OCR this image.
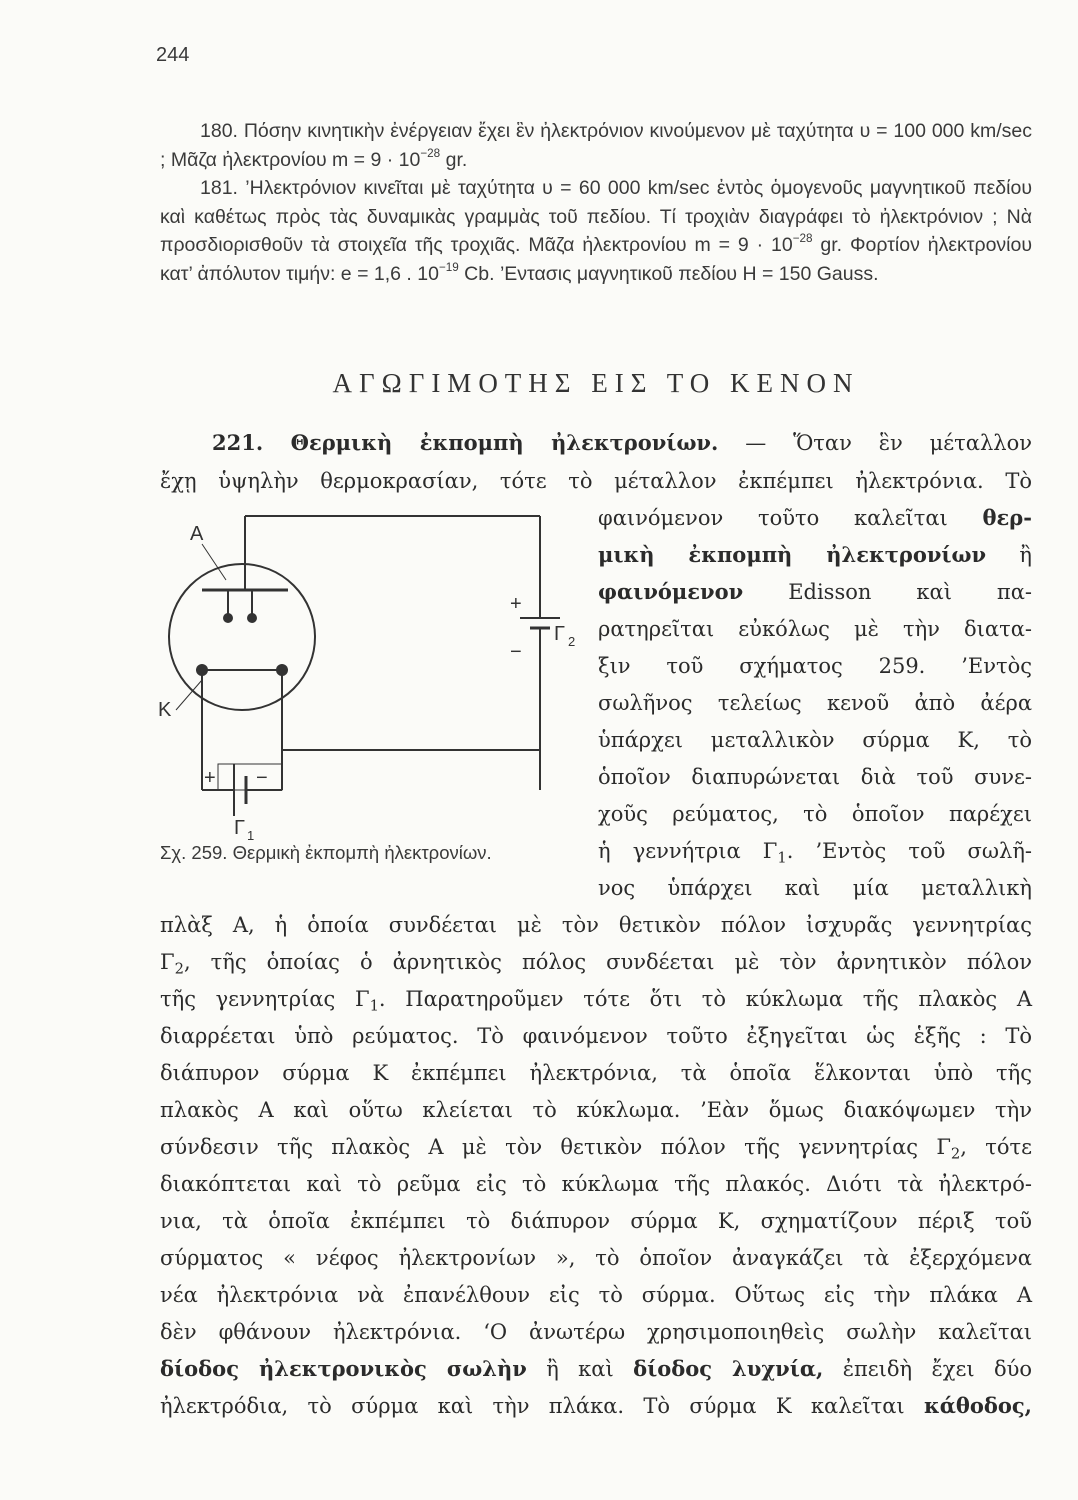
244

180. Πόσην κινητικὴν ἐνέργειαν ἔχει ἓν ἠλεκτρόνιον κινούμενον μὲ ταχύτητα υ = 100 000 km/sec ; Μᾶζα ἠλεκτρονίου $m = 9 \cdot 10^{-28}$ gr.

181. ’Ηλεκτρόνιον κινεῖται μὲ ταχύτητα υ = 60 000 km/sec ἐντὸς ὁμογενοῦς μαγνητικοῦ πεδίου καὶ καθέτως πρὸς τὰς δυναμικὰς γραμμὰς τοῦ πεδίου. Τί τροχιὰν διαγράφει τὸ ἠλεκτρόνιον ; Νὰ προσδιορισθοῦν τὰ στοιχεῖα τῆς τροχιᾶς. Μᾶζα ἠλεκτρονίου $m = 9 \cdot 10^{-28}$ gr. Φορτίον ἠλεκτρονίου κατ’ ἀπόλυτον τιμήν: e = 1,6 . $10^{-19}$ Cb. ’Εντασις μαγνητικοῦ πεδίου H = 150 Gauss.

ΑΓΩΓΙΜΟΤΗΣ ΕΙΣ ΤΟ ΚΕΝΟΝ

221. Θερμικὴ ἐκπομπὴ ἠλεκτρονίων. — Ὅταν ἓν μέταλλον

ἔχῃ ὑψηλὴν θερμοκρασίαν, τότε τὸ μέταλλον ἐκπέμπει ἠλεκτρόνια. Τὸ

φαινόμενον τοῦτο καλεῖται θερ-

μικὴ ἐκπομπὴ ἠλεκτρονίων ἢ

φαινόμενον Edisson καὶ πα-

ρατηρεῖται εὐκόλως μὲ τὴν διατα-

ξιν τοῦ σχήματος 259. ’Εντὸς

σωλῆνος τελείως κενοῦ ἀπὸ ἀέρα

ὑπάρχει μεταλλικὸν σύρμα Κ, τὸ

ὁποῖον διαπυρώνεται διὰ τοῦ συνε-

χοῦς ρεύματος, τὸ ὁποῖον παρέχει

ἡ γεννήτρια $\Gamma_1$. ’Εντὸς τοῦ σωλῆ-

νος ὑπάρχει καὶ μία μεταλλικὴ

πλὰξ Α, ἡ ὁποία συνδέεται μὲ τὸν θετικὸν πόλον ἰσχυρᾶς γεννητρίας

$\Gamma_2$, τῆς ὁποίας ὁ ἀρνητικὸς πόλος συνδέεται μὲ τὸν ἀρνητικὸν πόλον

τῆς γεννητρίας $\Gamma_1$. Παρατηροῦμεν τότε ὅτι τὸ κύκλωμα τῆς πλακὸς Α

διαρρέεται ὑπὸ ρεύματος. Τὸ φαινόμενον τοῦτο ἐξηγεῖται ὡς ἑξῆς : Τὸ

διάπυρον σύρμα Κ ἐκπέμπει ἠλεκτρόνια, τὰ ὁποῖα ἕλκονται ὑπὸ τῆς

πλακὸς Α καὶ οὕτω κλείεται τὸ κύκλωμα. ’Εὰν ὅμως διακόψωμεν τὴν

σύνδεσιν τῆς πλακὸς Α μὲ τὸν θετικὸν πόλον τῆς γεννητρίας $\Gamma_2$, τότε

διακόπτεται καὶ τὸ ρεῦμα εἰς τὸ κύκλωμα τῆς πλακός. Διότι τὰ ἠλεκτρό-

νια, τὰ ὁποῖα ἐκπέμπει τὸ διάπυρον σύρμα Κ, σχηματίζουν πέριξ τοῦ

σύρματος « νέφος ἠλεκτρονίων », τὸ ὁποῖον ἀναγκάζει τὰ ἐξερχόμενα

νέα ἠλεκτρόνια νὰ ἐπανέλθουν εἰς τὸ σύρμα. Οὕτως εἰς τὴν πλάκα Α

δὲν φθάνουν ἠλεκτρόνια. ‘Ο ἀνωτέρω χρησιμοποιηθεὶς σωλὴν καλεῖται

δίοδος ἠλεκτρονικὸς σωλὴν ἢ καὶ δίοδος λυχνία, ἐπειδὴ ἔχει δύο

ἠλεκτρόδια, τὸ σύρμα καὶ τὴν πλάκα. Τὸ σύρμα Κ καλεῖται κάθοδος,

A
K
+
−
Γ 2
+ −
Γ 1
Σχ. 259. Θερμικὴ ἐκπομπὴ ἠλεκτρονίων.
